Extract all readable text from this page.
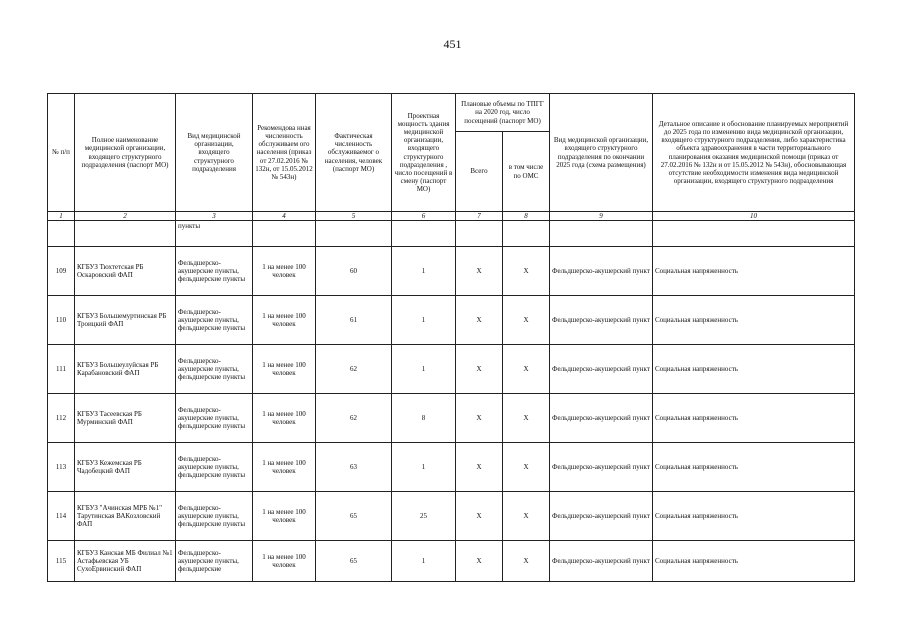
451
№ п/п	Полное наименование медицинской организации, входящего структурного подразделения (паспорт МО)	Вид медицинской организации, входящего структурного подразделения	Рекомендова нная численность обслуживаем ого населения (приказ от 27.02.2016 № 132н, от 15.05.2012 № 543н)	Фактическая численность обслуживаемог о населения, человек (паспорт МО)	Проектная мощность здания медицинской организации, входящего структурного подразделения , число посещений в смену (паспорт МО)	Плановые объемы по ТПГГ на 2020 год, число посещений (паспорт МО)		Вид медицинской организации, входящего структурного подразделения по окончании 2025 года (схема размещения)	Детальное описание и обоснование планируемых мероприятий до 2025 года по изменению вида медицинской организации, входящего структурного подразделения, либо характеристика объекта здравоохранения в части территориального планирования оказания медицинской помощи (приказ от 27.02.2016 № 132н и от 15.05.2012 № 543н), обосновывающая отсутствие необходимости изменения вида медицинской организации, входящего структурного подразделения
						Всего	в том числе по ОМС		
1	2	3	4	5	6	7	8	9	10
		пункты							
109	КГБУЗ Тюхтетская РБ Оскаровский ФАП	Фельдшерско-акушерские пункты, фельдшерские пункты	1 на менее 100 человек	60	1	X	X	Фельдшерско-акушерский пункт	Социальная напряженность
110	КГБУЗ Большемуртинская РБ Троицкий ФАП	Фельдшерско-акушерские пункты, фельдшерские пункты	1 на менее 100 человек	61	1	X	X	Фельдшерско-акушерский пункт	Социальная напряженность
111	КГБУЗ Большеулуйская РБ Карабановский ФАП	Фельдшерско-акушерские пункты, фельдшерские пункты	1 на менее 100 человек	62	1	X	X	Фельдшерско-акушерский пункт	Социальная напряженность
112	КГБУЗ Тасеевская РБ Мурминский ФАП	Фельдшерско-акушерские пункты, фельдшерские пункты	1 на менее 100 человек	62	8	X	X	Фельдшерско-акушерский пункт	Социальная напряженность
113	КГБУЗ Кежемская РБ Чадобецкий ФАП	Фельдшерско-акушерские пункты, фельдшерские пункты	1 на менее 100 человек	63	1	X	X	Фельдшерско-акушерский пункт	Социальная напряженность
114	КГБУЗ "Ачинская МРБ №1" Тарутинская ВАКозловский ФАП	Фельдшерско-акушерские пункты, фельдшерские пункты	1 на менее 100 человек	65	25	X	X	Фельдшерско-акушерский пункт	Социальная напряженность
115	КГБУЗ Канская МБ Филиал №1 Астафьевская УБ СухоЕрвинский ФАП	Фельдшерско-акушерские пункты, фельдшерские	1 на менее 100 человек	65	1	X	X	Фельдшерско-акушерский пункт	Социальная напряженность
